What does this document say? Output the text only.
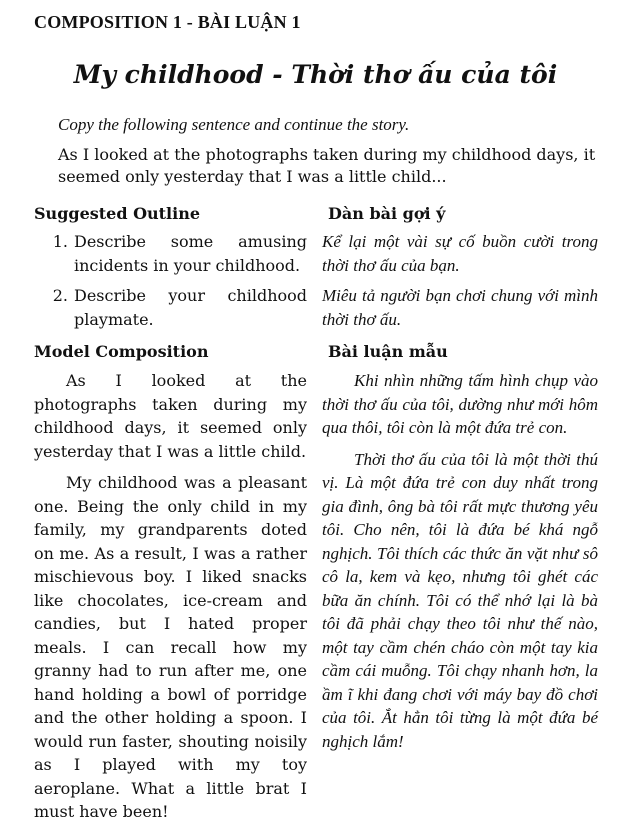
COMPOSITION 1 - BÀI LUẬN 1
My childhood - Thời thơ ấu của tôi
Copy the following sentence and continue the story.
As I looked at the photographs taken during my childhood days, it seemed only yesterday that I was a little child...
Suggested Outline	Dàn bài gợi ý
1. Describe some amusing incidents in your childhood.
2. Describe your childhood playmate.
Kể lại một vài sự cố buồn cười trong thời thơ ấu của bạn.
Miêu tả người bạn chơi chung với mình thời thơ ấu.
Model Composition	Bài luận mẫu

As I looked at the photographs taken during my childhood days, it seemed only yesterday that I was a little child.

My childhood was a pleasant one. Being the only child in my family, my grandparents doted on me. As a result, I was a rather mischievous boy. I liked snacks like chocolates, ice-cream and candies, but I hated proper meals. I can recall how my granny had to run after me, one hand holding a bowl of porridge and the other holding a spoon. I would run faster, shouting noisily as I played with my toy aeroplane. What a little brat I must have been!

Khi nhìn những tấm hình chụp vào thời thơ ấu của tôi, dường như mới hôm qua thôi, tôi còn là một đứa trẻ con.

Thời thơ ấu của tôi là một thời thú vị. Là một đứa trẻ con duy nhất trong gia đình, ông bà tôi rất mực thương yêu tôi. Cho nên, tôi là đứa bé khá ngỗ nghịch. Tôi thích các thức ăn vặt như sô cô la, kem và kẹo, nhưng tôi ghét các bữa ăn chính. Tôi có thể nhớ lại là bà tôi đã phải chạy theo tôi như thế nào, một tay cầm chén cháo còn một tay kia cầm cái muỗng. Tôi chạy nhanh hơn, la ầm ĩ khi đang chơi với máy bay đồ chơi của tôi. Ắt hẳn tôi từng là một đứa bé nghịch lắm!
